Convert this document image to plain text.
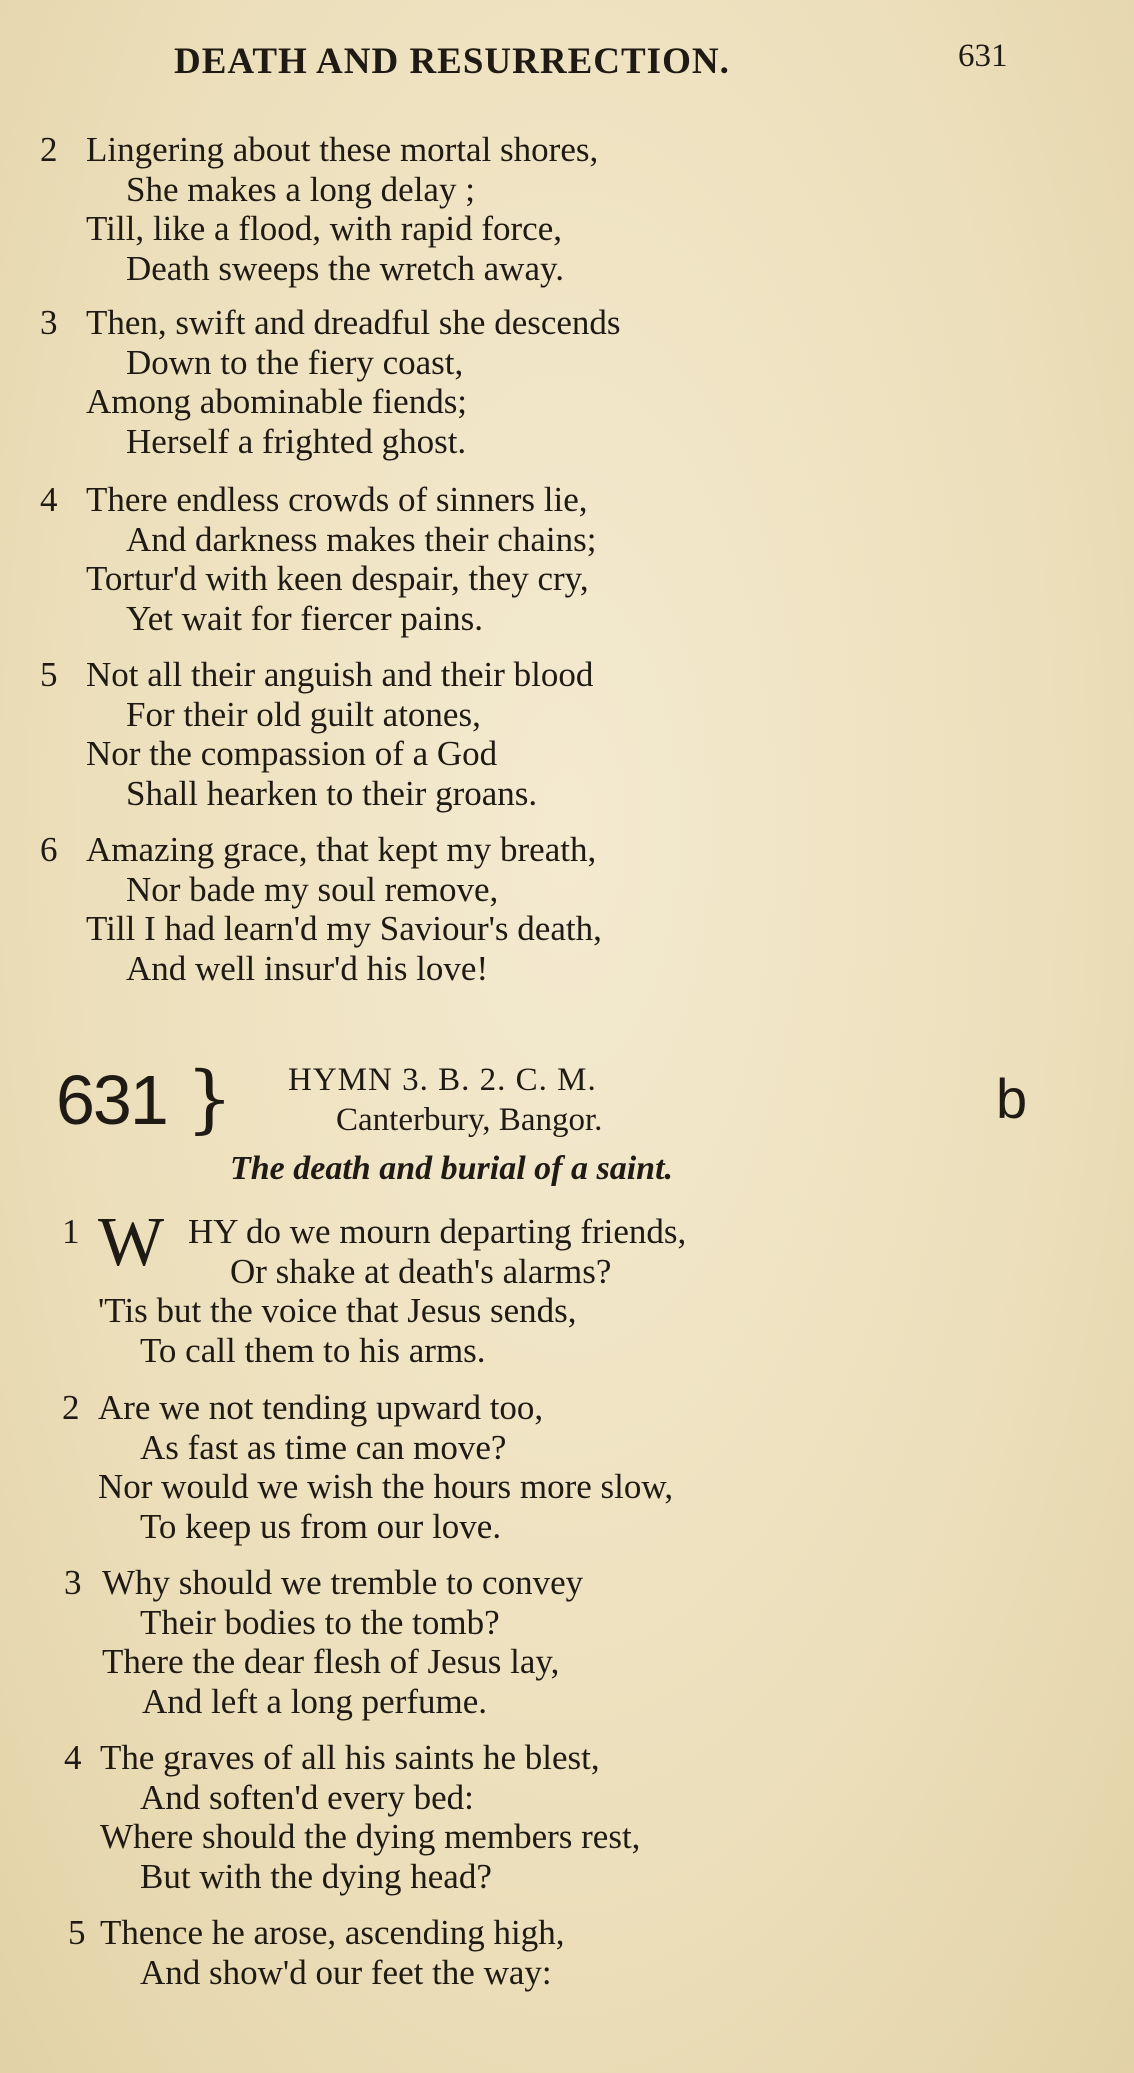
DEATH AND RESURRECTION.	631
2 Lingering about these mortal shores,
She makes a long delay ;
Till, like a flood, with rapid force,
Death sweeps the wretch away.
3 Then, swift and dreadful she descends
Down to the fiery coast,
Among abominable fiends;
Herself a frighted ghost.
4 There endless crowds of sinners lie,
And darkness makes their chains;
Tortur'd with keen despair, they cry,
Yet wait for fiercer pains.
5 Not all their anguish and their blood
For their old guilt atones,
Nor the compassion of a God
Shall hearken to their groans.
6 Amazing grace, that kept my breath,
Nor bade my soul remove,
Till I had learn'd my Saviour's death,
And well insur'd his love!
631 } HYMN 3. B. 2. C. M.
Canterbury, Bangor.	b
The death and burial of a saint.
1 W HY do we mourn departing friends,
Or shake at death's alarms?
'Tis but the voice that Jesus sends,
To call them to his arms.
2 Are we not tending upward too,
As fast as time can move?
Nor would we wish the hours more slow,
To keep us from our love.
3 Why should we tremble to convey
Their bodies to the tomb?
There the dear flesh of Jesus lay,
And left a long perfume.
4 The graves of all his saints he blest,
And soften'd every bed:
Where should the dying members rest,
But with the dying head?
5 Thence he arose, ascending high,
And show'd our feet the way:
